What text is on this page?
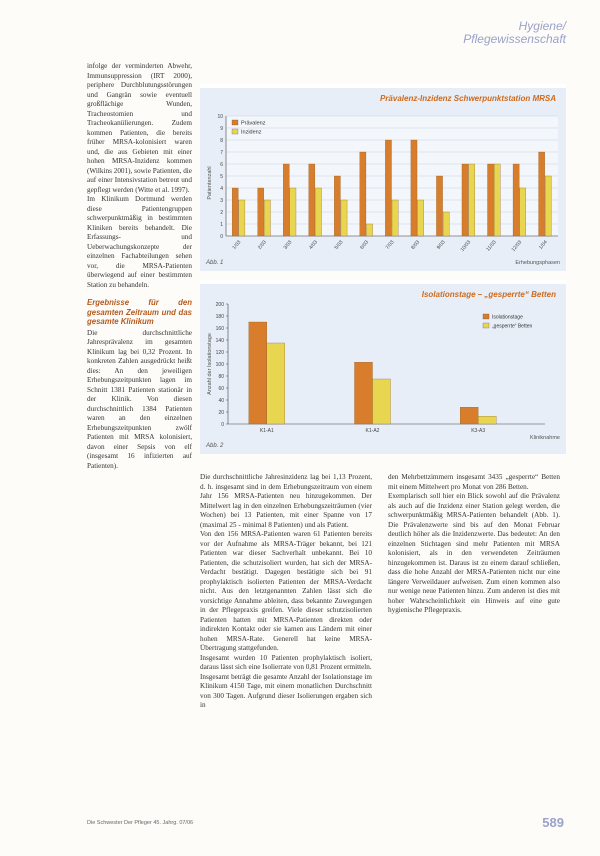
Hygiene/
Pflegewissenschaft

infolge der verminderten Abwehr, Immunsuppression (IRT 2000), periphere Durchblutungsstörungen und Gangrän sowie eventuell großflächige Wunden, Tracheostomien und Tracheokanülierungen. Zudem kommen Patienten, die bereits früher MRSA-kolonisiert waren und, die aus Gebieten mit einer hohen MRSA-Inzidenz kommen (Wilkins 2001), sowie Patienten, die auf einer Intensivstation betreut und gepflegt werden (Witte et al. 1997).

Im Klinikum Dortmund werden diese Patientengruppen schwerpunktmäßig in bestimmten Kliniken bereits behandelt. Die Erfassungs- und Ueberwachungskonzepte der einzelnen Fachabteilungen sehen vor, die MRSA-Patienten überwiegend auf einer bestimmten Station zu behandeln.

Ergebnisse für den gesamten Zeitraum und das gesamte Klinikum

Die durchschnittliche Jahresprävalenz im gesamten Klinikum lag bei 0,32 Prozent. In konkreten Zahlen ausgedrückt heißt dies: An den jeweiligen Erhebungszeitpunkten lagen im Schnitt 1381 Patienten stationär in der Klinik. Von diesen durchschnittlich 1384 Patienten waren an den einzelnen Erhebungszeitpunkten zwölf Patienten mit MRSA kolonisiert, davon einer Sepsis von elf (insgesamt 16 infizierten auf Patienten).

Prävalenz-Inzidenz Schwerpunktstation MRSA
Abb. 1	Erhebungsphasen
Patientenzahl
0
1
2
3
4
5
6
7
8
9
10
1/03	2/03	3/03	4/03	5/03	6/03	7/03	8/03	9/03	10/03	11/03	12/03	1/04
Prävalenz
Inzidenz
Isolationstage – „gesperrte“ Betten
Abb. 2
Kliniknahme
Anzahl der Isolationstage
0
20
40
60
80
100
120
140
160
180
200
K1-A1	K1-A2	K3-A3
Isolationstage
„gesperrte“ Betten

Die durchschnittliche Jahresinzidenz lag bei 1,13 Prozent, d. h. insgesamt sind in dem Erhebungszeitraum von einem Jahr 156 MRSA-Patienten neu hinzugekommen. Der Mittelwert lag in den einzelnen Erhebungszeiträumen (vier Wochen) bei 13 Patienten, mit einer Spanne von 17 (maximal 25 - minimal 8 Patienten) und als Patient.

Von den 156 MRSA-Patienten waren 61 Patienten bereits vor der Aufnahme als MRSA-Träger bekannt, bei 121 Patienten war dieser Sachverhalt unbekannt. Bei 10 Patienten, die schutzisoliert wurden, hat sich der MRSA-Verdacht bestätigt. Dagegen bestätigte sich bei 91 prophylaktisch isolierten Patienten der MRSA-Verdacht nicht. Aus den letztgenannten Zahlen lässt sich die vorsichtige Annahme ableiten, dass bekannte Zuwegungen in der Pflegepraxis greifen. Viele dieser schutzisolierten Patienten hatten mit MRSA-Patienten direkten oder indirekten Kontakt oder sie kamen aus Ländern mit einer hohen MRSA-Rate. Generell hat keine MRSA-Übertragung stattgefunden.

Insgesamt wurden 10 Patienten prophylaktisch isoliert, daraus lässt sich eine Isolierrate von 0,81 Prozent ermitteln.

Insgesamt beträgt die gesamte Anzahl der Isolationstage im Klinikum 4150 Tage, mit einem monatlichen Durchschnitt von 300 Tagen. Aufgrund dieser Isolierungen ergaben sich in

den Mehrbettzimmern insgesamt 3435 „gesperrte“ Betten mit einem Mittelwert pro Monat von 286 Betten.

Exemplarisch soll hier ein Blick sowohl auf die Prävalenz als auch auf die Inzidenz einer Station gelegt werden, die schwerpunktmäßig MRSA-Patienten behandelt (Abb. 1). Die Prävalenzwerte sind bis auf den Monat Februar deutlich höher als die Inzidenzwerte. Das bedeutet: An den einzelnen Stichtagen sind mehr Patienten mit MRSA kolonisiert, als in den verwendeten Zeiträumen hinzugekommen ist. Daraus ist zu einem darauf schließen, dass die hohe Anzahl der MRSA-Patienten nicht nur eine längere Verweildauer aufweisen. Zum einen kommen also nur wenige neue Patienten hinzu. Zum anderen ist dies mit hoher Wahrscheinlichkeit ein Hinweis auf eine gute hygienische Pflegepraxis.

Die Schwester Der Pfleger 45. Jahrg. 07/06	589
